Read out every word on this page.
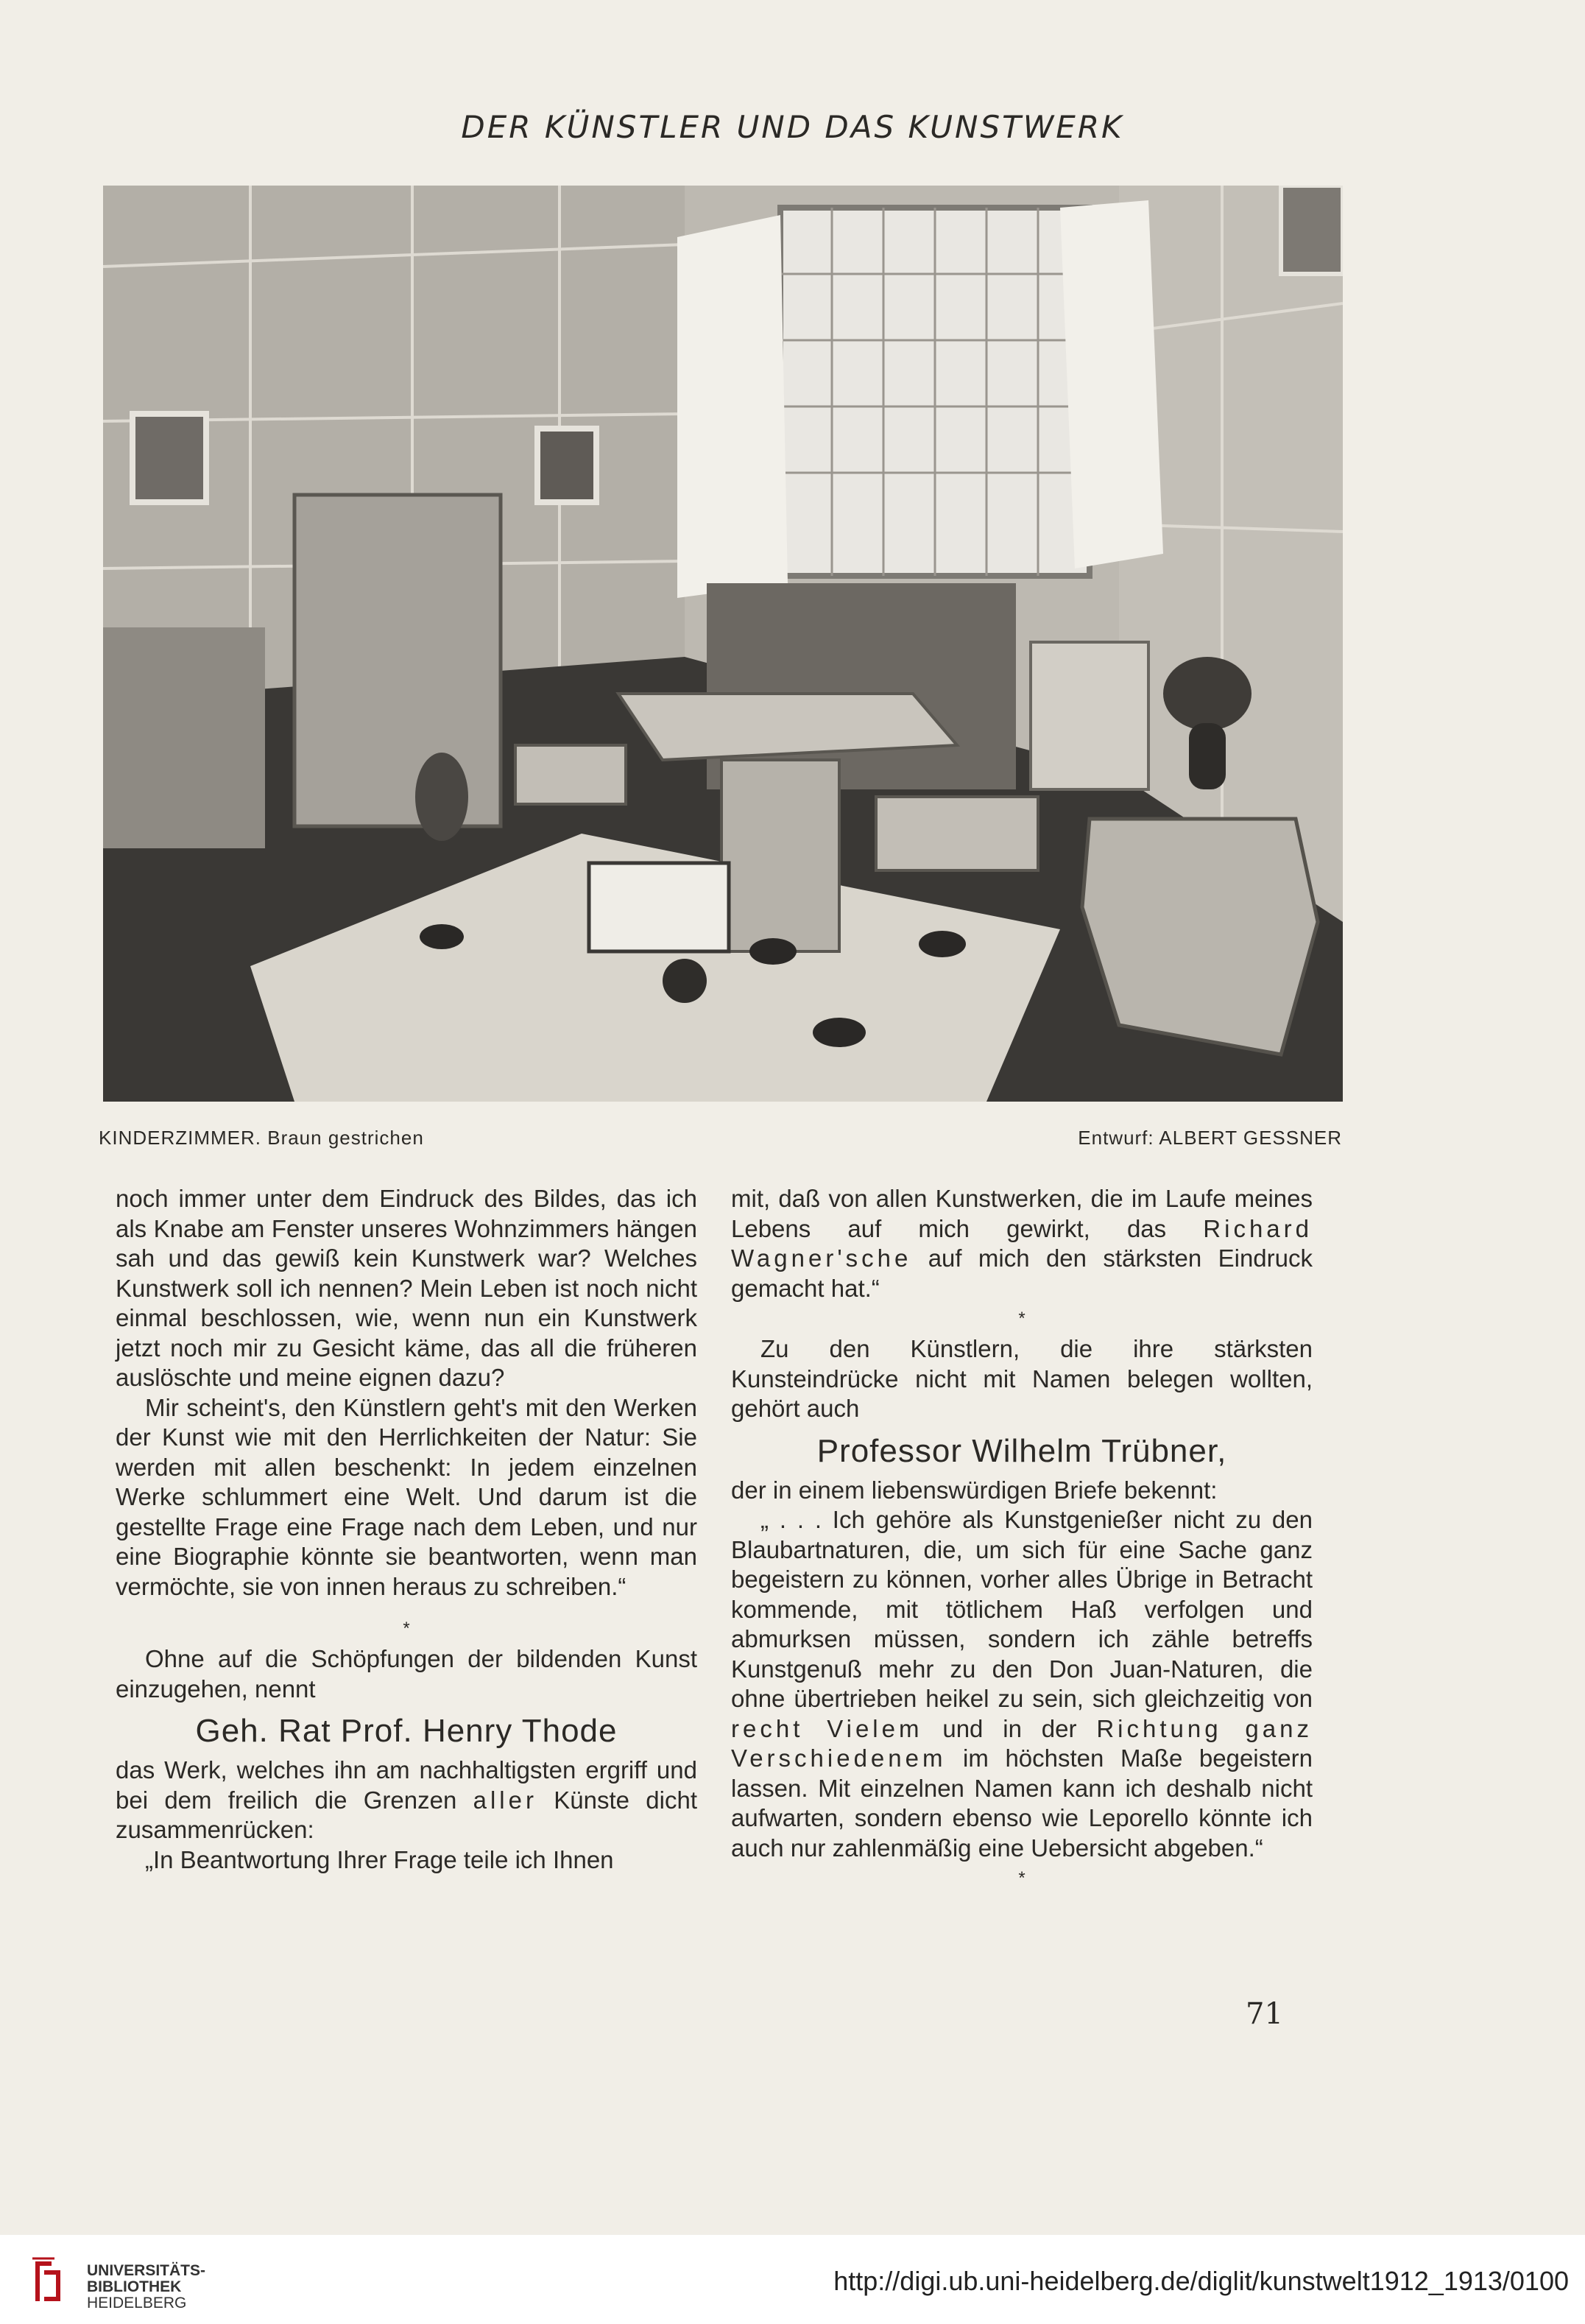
DER KÜNSTLER UND DAS KUNSTWERK
KINDERZIMMER. Braun gestrichen	Entwurf: ALBERT GESSNER

noch immer unter dem Eindruck des Bildes, das ich als Knabe am Fenster unseres Wohnzimmers hängen sah und das gewiß kein Kunstwerk war? Welches Kunstwerk soll ich nennen? Mein Leben ist noch nicht einmal beschlossen, wie, wenn nun ein Kunstwerk jetzt noch mir zu Gesicht käme, das all die früheren auslöschte und meine eignen dazu?

Mir scheint's, den Künstlern geht's mit den Werken der Kunst wie mit den Herrlichkeiten der Natur: Sie werden mit allen beschenkt: In jedem einzelnen Werke schlummert eine Welt. Und darum ist die gestellte Frage eine Frage nach dem Leben, und nur eine Biographie könnte sie beantworten, wenn man vermöchte, sie von innen heraus zu schreiben.“

*

Ohne auf die Schöpfungen der bildenden Kunst einzugehen, nennt

Geh. Rat Prof. Henry Thode

das Werk, welches ihn am nachhaltigsten ergriff und bei dem freilich die Grenzen aller Künste dicht zusammenrücken:

„In Beantwortung Ihrer Frage teile ich Ihnen

mit, daß von allen Kunstwerken, die im Laufe meines Lebens auf mich gewirkt, das Richard Wagner'sche auf mich den stärksten Eindruck gemacht hat.“

*

Zu den Künstlern, die ihre stärksten Kunsteindrücke nicht mit Namen belegen wollten, gehört auch

Professor Wilhelm Trübner,

der in einem liebenswürdigen Briefe bekennt:

„ . . . Ich gehöre als Kunstgenießer nicht zu den Blaubartnaturen, die, um sich für eine Sache ganz begeistern zu können, vorher alles Übrige in Betracht kommende, mit tötlichem Haß verfolgen und abmurksen müssen, sondern ich zähle betreffs Kunstgenuß mehr zu den Don Juan-Naturen, die ohne übertrieben heikel zu sein, sich gleichzeitig von recht Vielem und in der Richtung ganz Verschiedenem im höchsten Maße begeistern lassen. Mit einzelnen Namen kann ich deshalb nicht aufwarten, sondern ebenso wie Leporello könnte ich auch nur zahlenmäßig eine Uebersicht abgeben.“

*
71
UNIVERSITÄTS-
BIBLIOTHEK
HEIDELBERG
http://digi.ub.uni-heidelberg.de/diglit/kunstwelt1912_1913/0100
